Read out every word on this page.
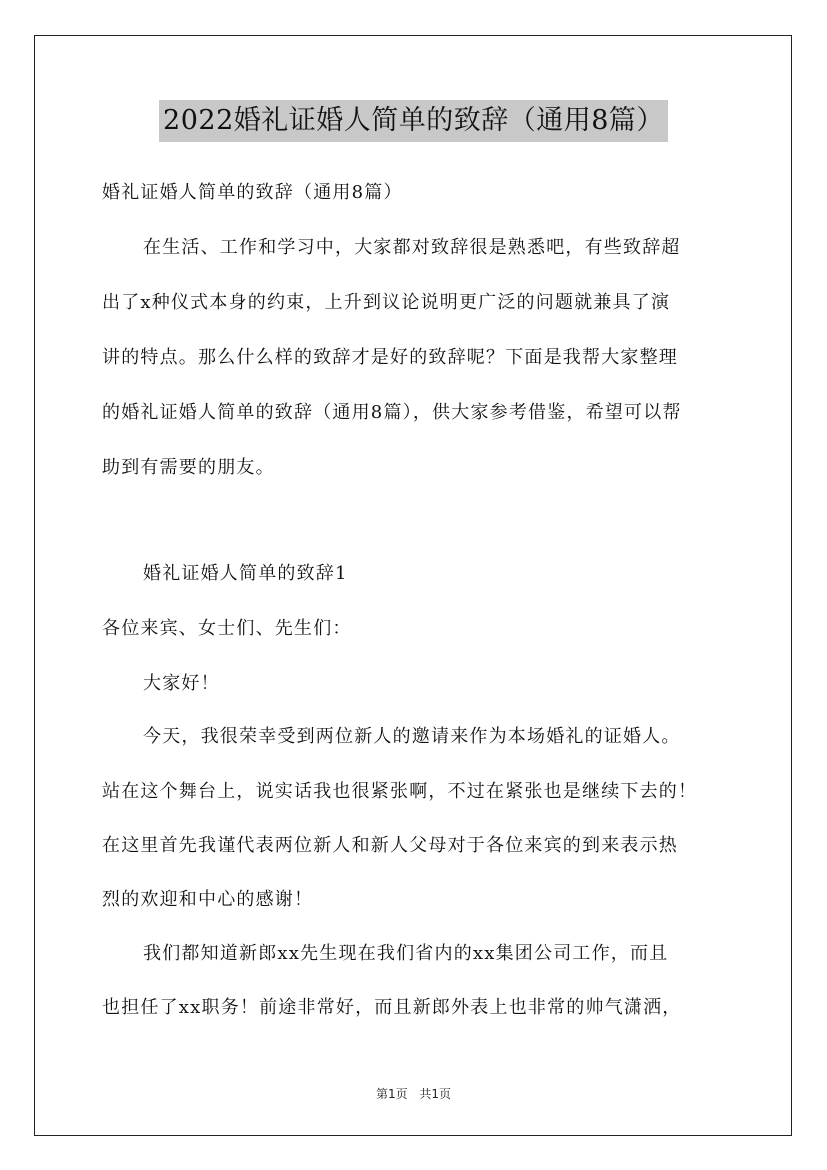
2022婚礼证婚人简单的致辞（通用8篇）
婚礼证婚人简单的致辞（通用8篇）
在生活、工作和学习中，大家都对致辞很是熟悉吧，有些致辞超
出了x种仪式本身的约束，上升到议论说明更广泛的问题就兼具了演
讲的特点。那么什么样的致辞才是好的致辞呢？下面是我帮大家整理
的婚礼证婚人简单的致辞（通用8篇），供大家参考借鉴，希望可以帮
助到有需要的朋友。
婚礼证婚人简单的致辞1
各位来宾、女士们、先生们：
大家好！
今天，我很荣幸受到两位新人的邀请来作为本场婚礼的证婚人。
站在这个舞台上，说实话我也很紧张啊，不过在紧张也是继续下去的！
在这里首先我谨代表两位新人和新人父母对于各位来宾的到来表示热
烈的欢迎和中心的感谢！
我们都知道新郎xx先生现在我们省内的xx集团公司工作，而且
也担任了xx职务！前途非常好，而且新郎外表上也非常的帅气潇洒，
第1页 共1页
